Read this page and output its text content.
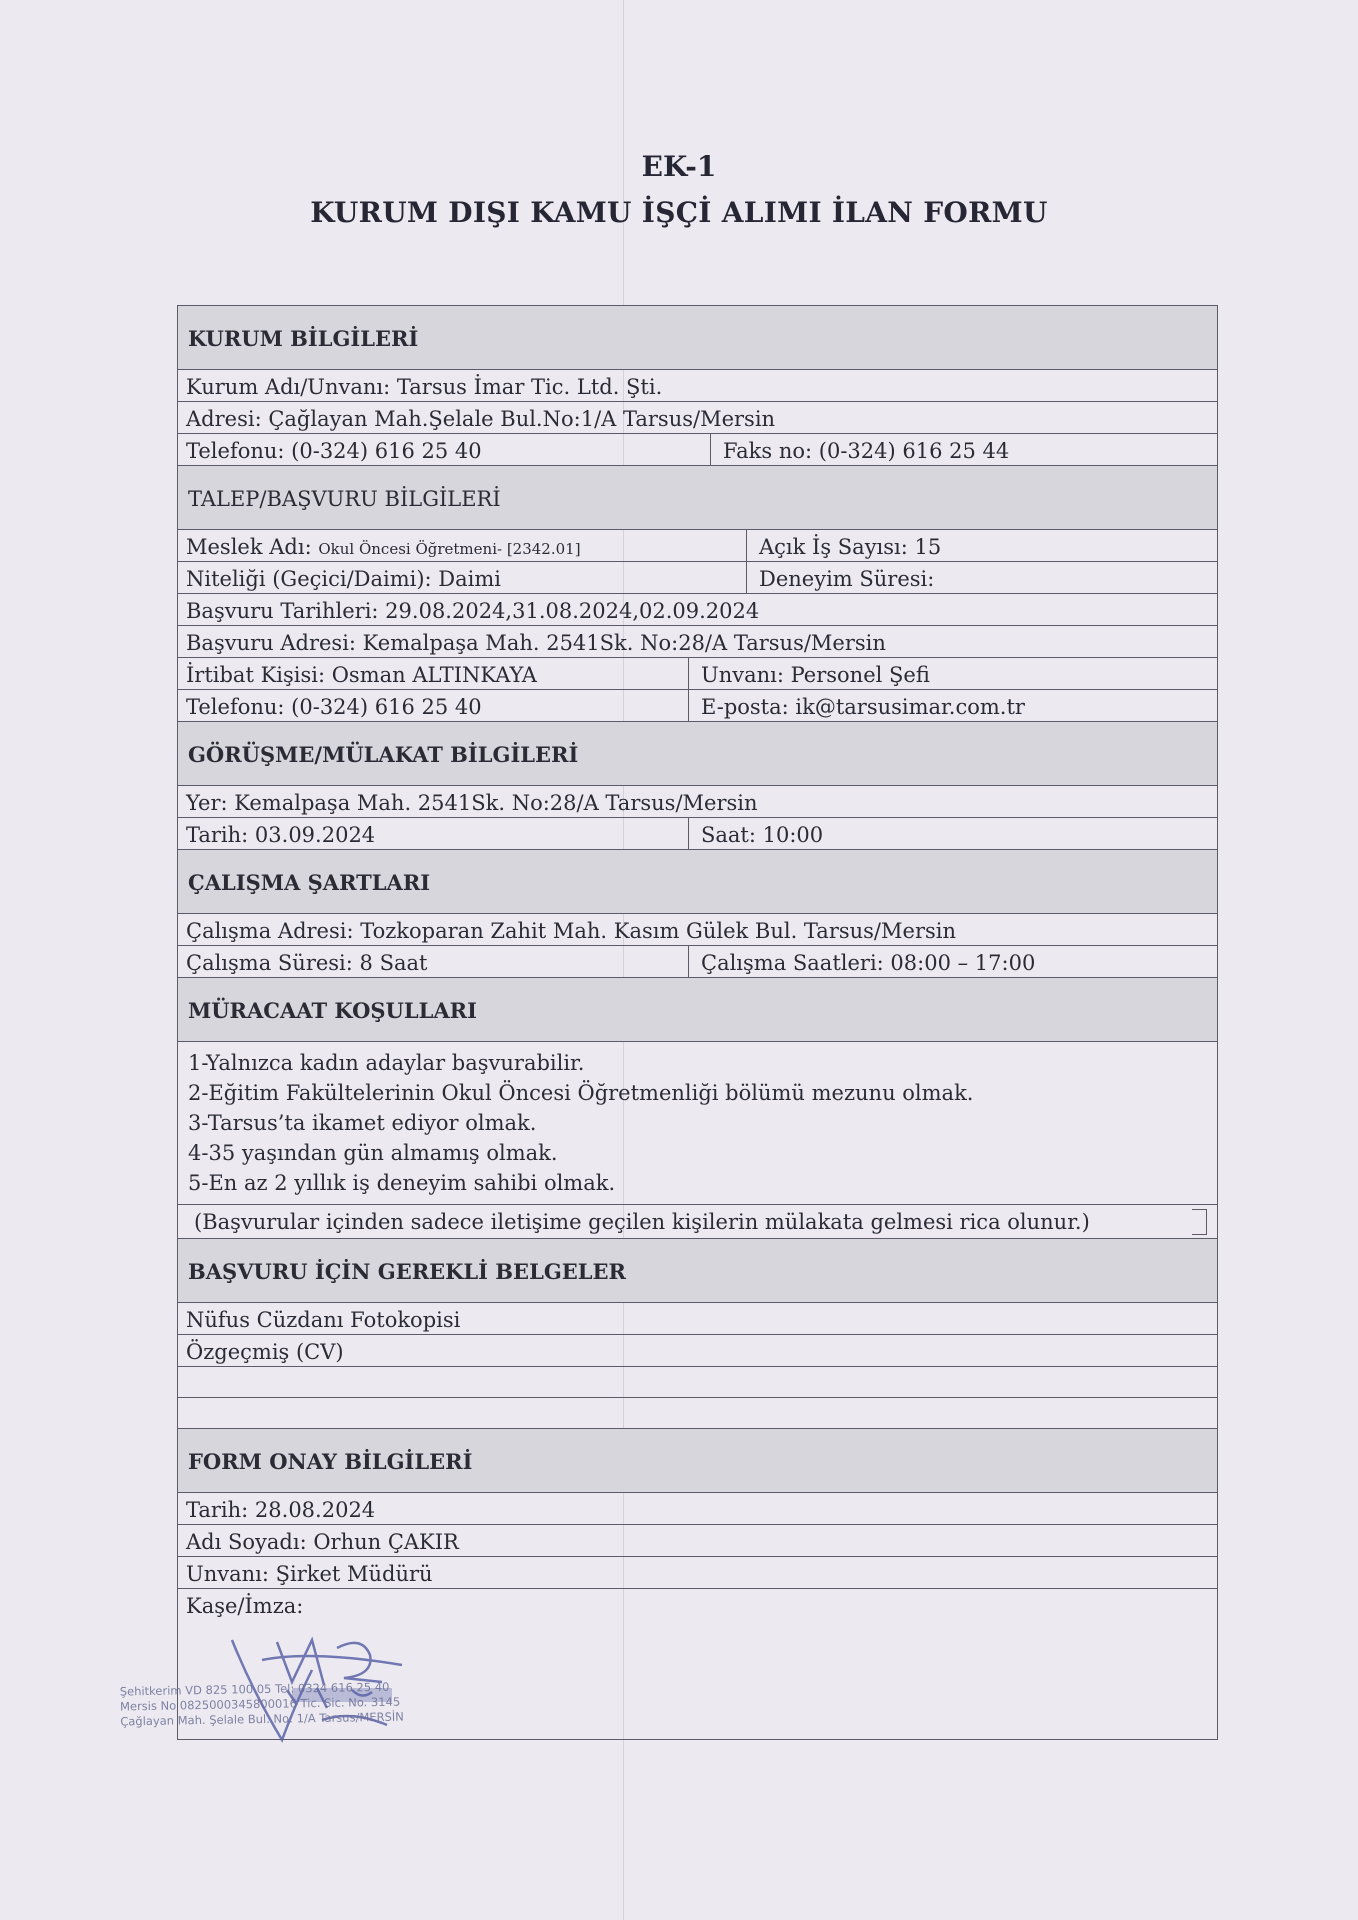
EK-1
KURUM DIŞI KAMU İŞÇİ ALIMI İLAN FORMU
KURUM BİLGİLERİ
Kurum Adı/Unvanı: Tarsus İmar Tic. Ltd. Şti.
Adresi: Çağlayan Mah.Şelale Bul.No:1/A Tarsus/Mersin
Telefonu: (0-324) 616 25 40	Faks no: (0-324) 616 25 44
TALEP/BAŞVURU BİLGİLERİ
Meslek Adı: Okul Öncesi Öğretmeni- [2342.01]	Açık İş Sayısı: 15
Niteliği (Geçici/Daimi): Daimi	Deneyim Süresi:
Başvuru Tarihleri: 29.08.2024,31.08.2024,02.09.2024
Başvuru Adresi: Kemalpaşa Mah. 2541Sk. No:28/A Tarsus/Mersin
İrtibat Kişisi: Osman ALTINKAYA	Unvanı: Personel Şefi
Telefonu: (0-324) 616 25 40	E-posta: ik@tarsusimar.com.tr
GÖRÜŞME/MÜLAKAT BİLGİLERİ
Yer: Kemalpaşa Mah. 2541Sk. No:28/A Tarsus/Mersin
Tarih: 03.09.2024	Saat: 10:00
ÇALIŞMA ŞARTLARI
Çalışma Adresi: Tozkoparan Zahit Mah. Kasım Gülek Bul. Tarsus/Mersin
Çalışma Süresi: 8 Saat	Çalışma Saatleri: 08:00 – 17:00
MÜRACAAT KOŞULLARI
1-Yalnızca kadın adaylar başvurabilir.
2-Eğitim Fakültelerinin Okul Öncesi Öğretmenliği bölümü mezunu olmak.
3-Tarsus’ta ikamet ediyor olmak.
4-35 yaşından gün almamış olmak.
5-En az 2 yıllık iş deneyim sahibi olmak.
(Başvurular içinden sadece iletişime geçilen kişilerin mülakata gelmesi rica olunur.)
BAŞVURU İÇİN GEREKLİ BELGELER
Nüfus Cüzdanı Fotokopisi
Özgeçmiş (CV)
FORM ONAY BİLGİLERİ
Tarih: 28.08.2024
Adı Soyadı: Orhun ÇAKIR
Unvanı: Şirket Müdürü
Kaşe/İmza:
Şehitkerim VD 825 100 05 Tel: 0324 616 25 40
Mersis No 0825000345800016 Tic. Sic. No. 3145
Çağlayan Mah. Şelale Bul. No: 1/A Tarsus/MERSİN
